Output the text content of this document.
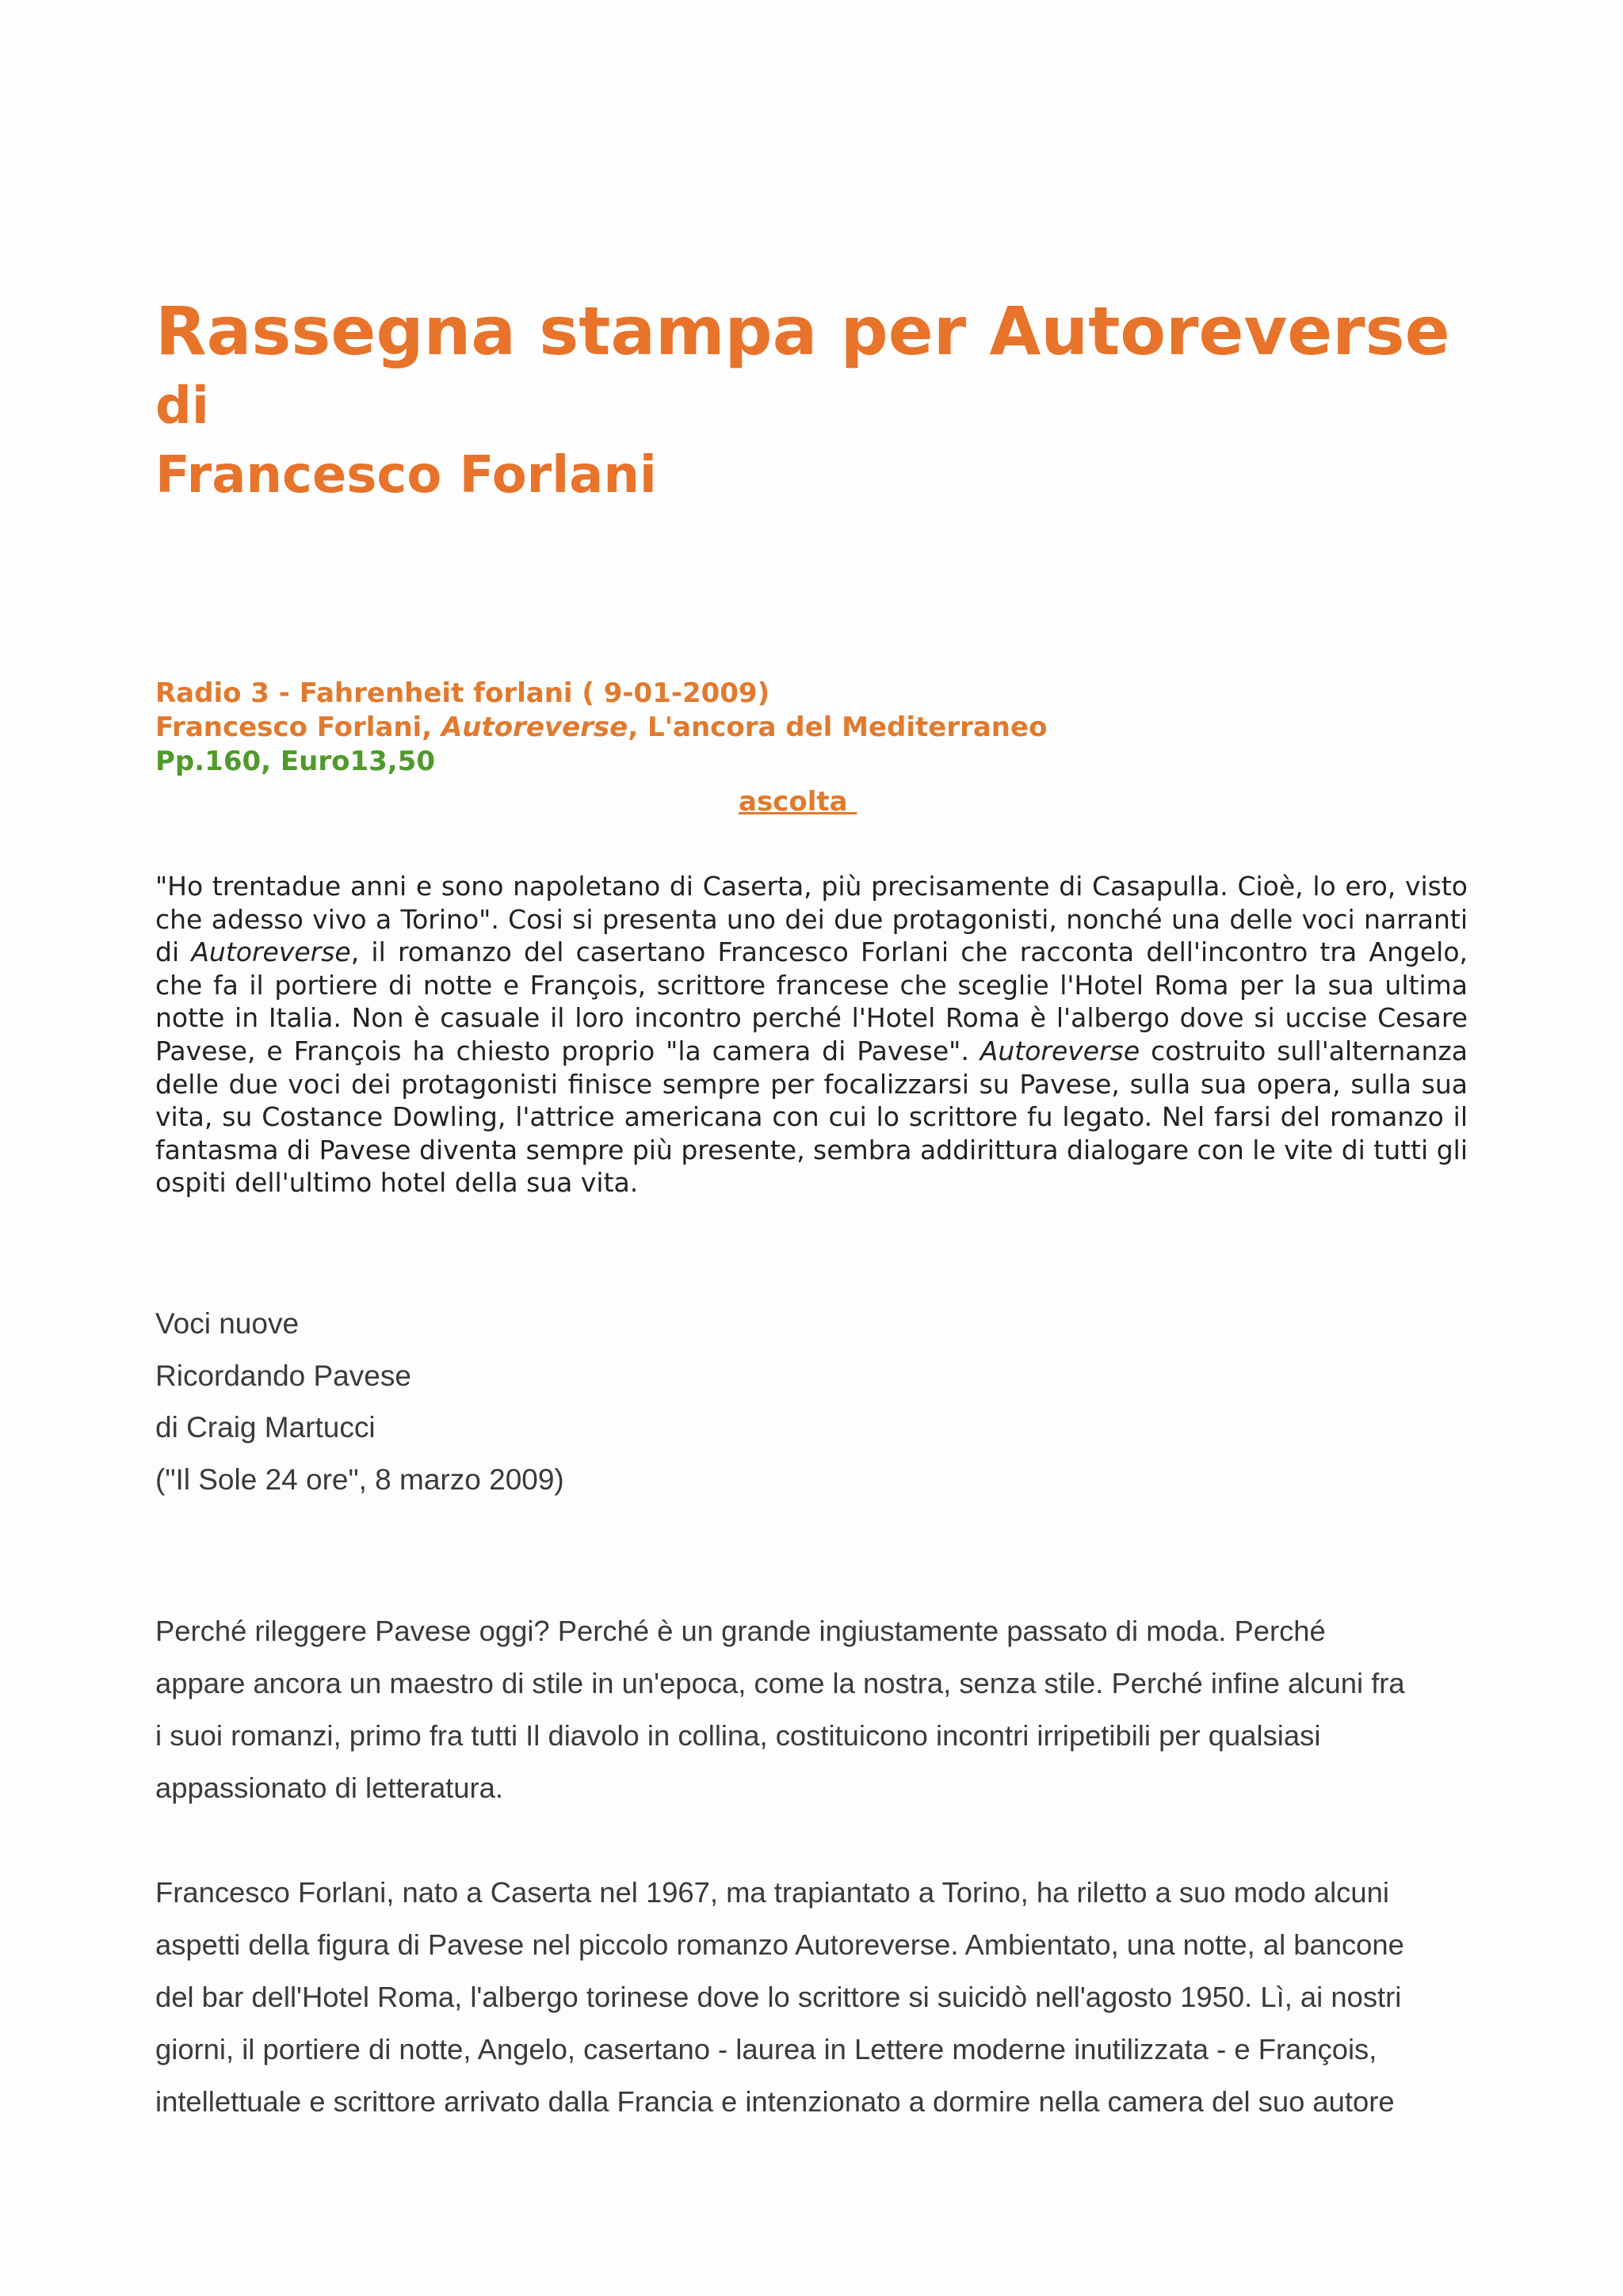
Rassegna stampa per Autoreverse
di
Francesco Forlani
Radio 3 - Fahrenheit forlani ( 9-01-2009)
Francesco Forlani, Autoreverse, L'ancora del Mediterraneo
Pp.160, Euro13,50
ascolta

"Ho trentadue anni e sono napoletano di Caserta, più precisamente di Casapulla. Cioè, lo ero, visto che adesso vivo a Torino". Cosi si presenta uno dei due protagonisti, nonché una delle voci narranti di Autoreverse, il romanzo del casertano Francesco Forlani che racconta dell'incontro tra Angelo, che fa il portiere di notte e François, scrittore francese che sceglie l'Hotel Roma per la sua ultima notte in Italia. Non è casuale il loro incontro perché l'Hotel Roma è l'albergo dove si uccise Cesare Pavese, e François ha chiesto proprio "la camera di Pavese". Autoreverse costruito sull'alternanza delle due voci dei protagonisti finisce sempre per focalizzarsi su Pavese, sulla sua opera, sulla sua vita, su Costance Dowling, l'attrice americana con cui lo scrittore fu legato. Nel farsi del romanzo il fantasma di Pavese diventa sempre più presente, sembra addirittura dialogare con le vite di tutti gli ospiti dell'ultimo hotel della sua vita.

Voci nuove
Ricordando Pavese
di Craig Martucci
("Il Sole 24 ore", 8 marzo 2009)

Perché rileggere Pavese oggi? Perché è un grande ingiustamente passato di moda. Perché
appare ancora un maestro di stile in un'epoca, come la nostra, senza stile. Perché infine alcuni fra
i suoi romanzi, primo fra tutti Il diavolo in collina, costituicono incontri irripetibili per qualsiasi
appassionato di letteratura.

Francesco Forlani, nato a Caserta nel 1967, ma trapiantato a Torino, ha riletto a suo modo alcuni
aspetti della figura di Pavese nel piccolo romanzo Autoreverse. Ambientato, una notte, al bancone
del bar dell'Hotel Roma, l'albergo torinese dove lo scrittore si suicidò nell'agosto 1950. Lì, ai nostri
giorni, il portiere di notte, Angelo, casertano - laurea in Lettere moderne inutilizzata - e François,
intellettuale e scrittore arrivato dalla Francia e intenzionato a dormire nella camera del suo autore
